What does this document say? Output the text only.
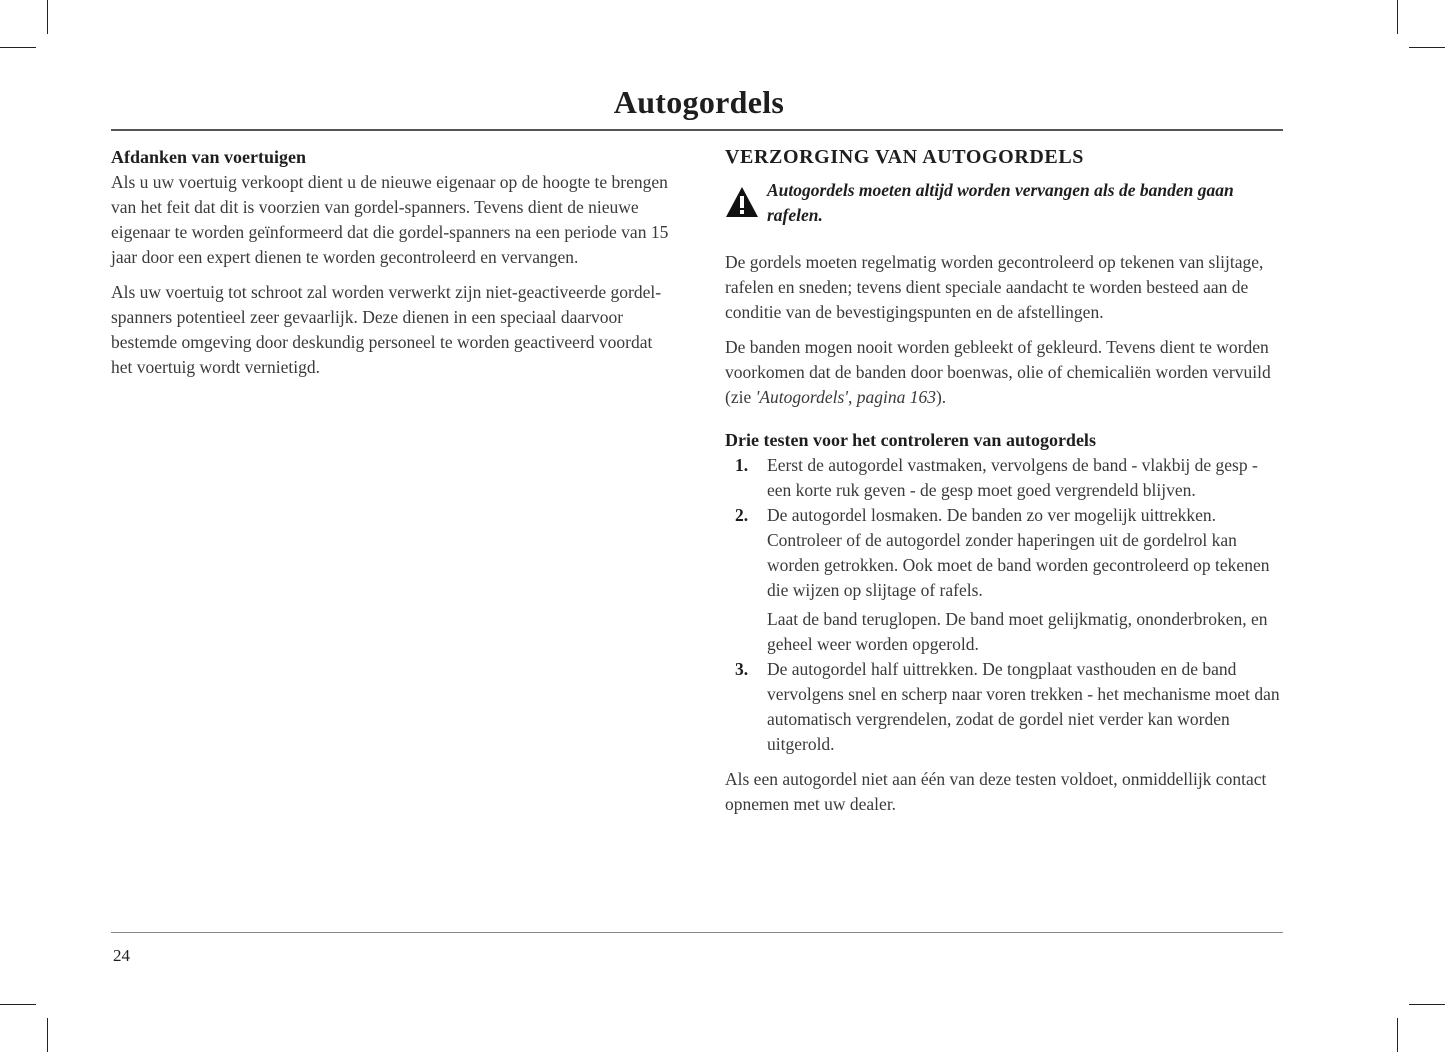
Autogordels
Afdanken van voertuigen

Als u uw voertuig verkoopt dient u de nieuwe eigenaar op de hoogte te brengen van het feit dat dit is voorzien van gordel-spanners. Tevens dient de nieuwe eigenaar te worden geïnformeerd dat die gordel-spanners na een periode van 15 jaar door een expert dienen te worden gecontroleerd en vervangen.

Als uw voertuig tot schroot zal worden verwerkt zijn niet-geactiveerde gordel-spanners potentieel zeer gevaarlijk. Deze dienen in een speciaal daarvoor bestemde omgeving door deskundig personeel te worden geactiveerd voordat het voertuig wordt vernietigd.

VERZORGING VAN AUTOGORDELS
Autogordels moeten altijd worden vervangen als de banden gaan rafelen.

De gordels moeten regelmatig worden gecontroleerd op tekenen van slijtage, rafelen en sneden; tevens dient speciale aandacht te worden besteed aan de conditie van de bevestigingspunten en de afstellingen.

De banden mogen nooit worden gebleekt of gekleurd. Tevens dient te worden voorkomen dat de banden door boenwas, olie of chemicaliën worden vervuild (zie 'Autogordels', pagina 163).

Drie testen voor het controleren van autogordels
1. Eerst de autogordel vastmaken, vervolgens de band - vlakbij de gesp - een korte ruk geven - de gesp moet goed vergrendeld blijven.
2. De autogordel losmaken. De banden zo ver mogelijk uittrekken. Controleer of de autogordel zonder haperingen uit de gordelrol kan worden getrokken. Ook moet de band worden gecontroleerd op tekenen die wijzen op slijtage of rafels.
Laat de band teruglopen. De band moet gelijkmatig, ononderbroken, en geheel weer worden opgerold.
3. De autogordel half uittrekken. De tongplaat vasthouden en de band vervolgens snel en scherp naar voren trekken - het mechanisme moet dan automatisch vergrendelen, zodat de gordel niet verder kan worden uitgerold.

Als een autogordel niet aan één van deze testen voldoet, onmiddellijk contact opnemen met uw dealer.

24
